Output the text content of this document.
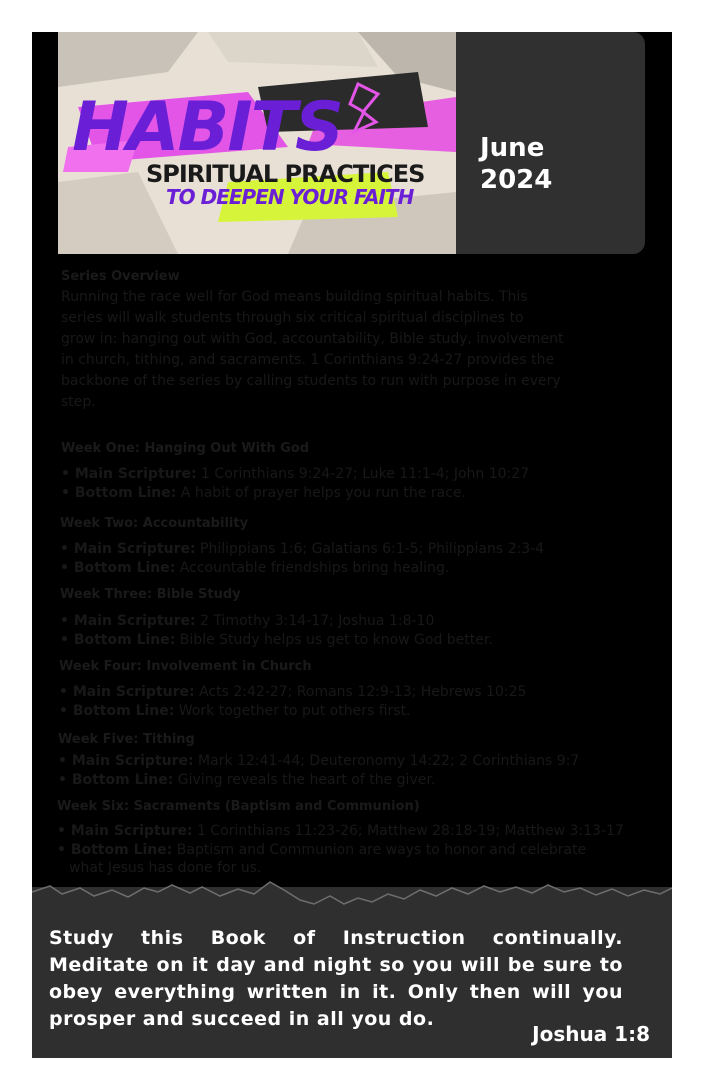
HABITS
SPIRITUAL PRACTICES
TO DEEPEN YOUR FAITH
June
2024
Series Overview
Running the race well for God means building spiritual habits. This
series will walk students through six critical spiritual disciplines to
grow in: hanging out with God, accountability, Bible study, involvement
in church, tithing, and sacraments. 1 Corinthians 9:24-27 provides the
backbone of the series by calling students to run with purpose in every
step.
Week One: Hanging Out With God
• Main Scripture: 1 Corinthians 9:24-27; Luke 11:1-4; John 10:27
• Bottom Line: A habit of prayer helps you run the race.
Week Two: Accountability
• Main Scripture: Philippians 1:6; Galatians 6:1-5; Philippians 2:3-4
• Bottom Line: Accountable friendships bring healing.
Week Three: Bible Study
• Main Scripture: 2 Timothy 3:14-17; Joshua 1:8-10
• Bottom Line: Bible Study helps us get to know God better.
Week Four: Involvement in Church
• Main Scripture: Acts 2:42-27; Romans 12:9-13; Hebrews 10:25
• Bottom Line: Work together to put others first.
Week Five: Tithing
• Main Scripture: Mark 12:41-44; Deuteronomy 14:22; 2 Corinthians 9:7
• Bottom Line: Giving reveals the heart of the giver.
Week Six: Sacraments (Baptism and Communion)
• Main Scripture: 1 Corinthians 11:23-26; Matthew 28:18-19; Matthew 3:13-17
• Bottom Line: Baptism and Communion are ways to honor and celebrate
what Jesus has done for us.
Study this Book of Instruction continually. Meditate on it day and night so you will be sure to obey everything written in it. Only then will you prosper and succeed in all you do.
Joshua 1:8
